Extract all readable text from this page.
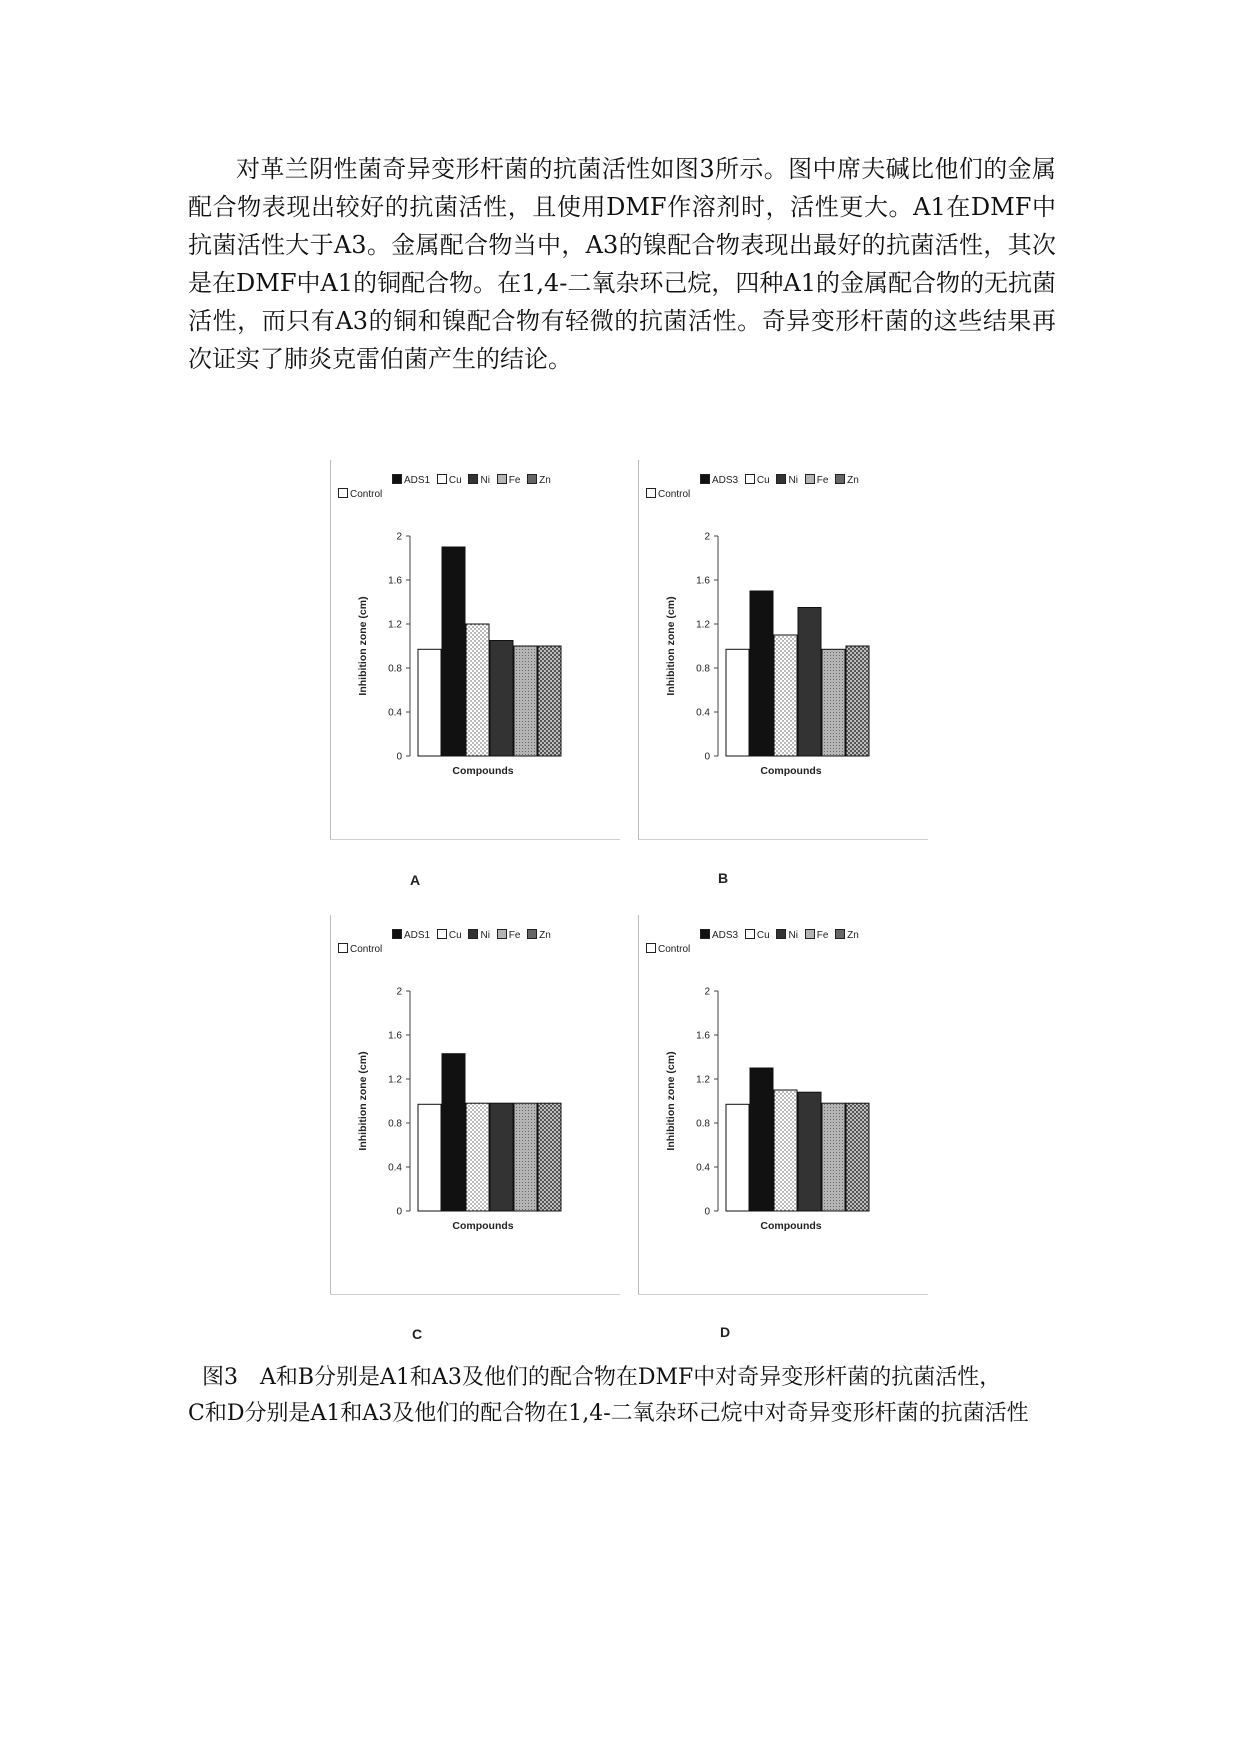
对革兰阴性菌奇异变形杆菌的抗菌活性如图3所示。图中席夫碱比他们的金属配合物表现出较好的抗菌活性，且使用DMF作溶剂时，活性更大。A1在DMF中抗菌活性大于A3。金属配合物当中，A3的镍配合物表现出最好的抗菌活性，其次是在DMF中A1的铜配合物。在1,4-二氧杂环己烷，四种A1的金属配合物的无抗菌活性，而只有A3的铜和镍配合物有轻微的抗菌活性。奇异变形杆菌的这些结果再次证实了肺炎克雷伯菌产生的结论。

ADS1 Cu Ni Fe Zn
Control
0
0.4
0.8
1.2
1.6
2
Compounds
Inhibition zone (cm)
ADS3 Cu Ni Fe Zn
Control
0
0.4
0.8
1.2
1.6
2
Compounds
Inhibition zone (cm)
ADS1 Cu Ni Fe Zn
Control
0
0.4
0.8
1.2
1.6
2
Compounds
Inhibition zone (cm)
ADS3 Cu Ni Fe Zn
Control
0
0.4
0.8
1.2
1.6
2
Compounds
Inhibition zone (cm)
A	B
C	D
图3　A和B分别是A1和A3及他们的配合物在DMF中对奇异变形杆菌的抗菌活性，
C和D分别是A1和A3及他们的配合物在1,4-二氧杂环己烷中对奇异变形杆菌的抗菌活性
